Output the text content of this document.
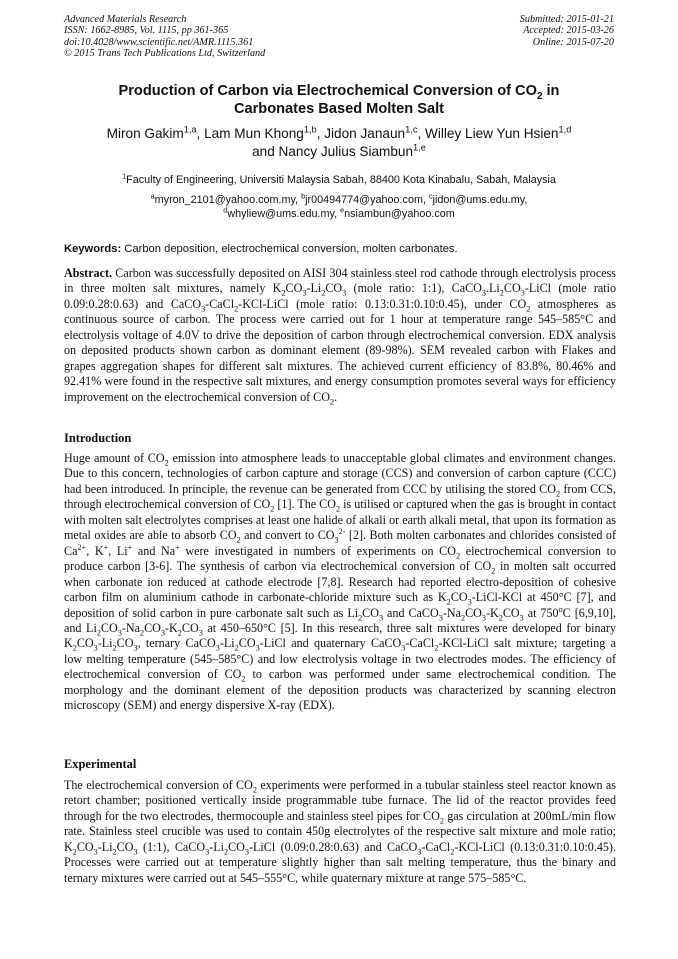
Advanced Materials Research
ISSN: 1662-8985, Vol. 1115, pp 361-365
doi:10.4028/www.scientific.net/AMR.1115.361
© 2015 Trans Tech Publications Ltd, Switzerland
Submitted: 2015-01-21
Accepted: 2015-03-26
Online: 2015-07-20
Production of Carbon via Electrochemical Conversion of $CO_2$ in
Carbonates Based Molten Salt
Miron Gakim$^{1,a}$, Lam Mun Khong$^{1,b}$, Jidon Janaun$^{1,c}$, Willey Liew Yun Hsien$^{1,d}$
and Nancy Julius Siambun$^{1,e}$
$^1$Faculty of Engineering, Universiti Malaysia Sabah, 88400 Kota Kinabalu, Sabah, Malaysia
$^a$myron_2101@yahoo.com.my, $^b$jr00494774@yahoo.com, $^c$jidon@ums.edu.my,
$^d$whyliew@ums.edu.my, $^e$nsiambun@yahoo.com
Keywords: Carbon deposition, electrochemical conversion, molten carbonates.
Abstract. Carbon was successfully deposited on AISI 304 stainless steel rod cathode through electrolysis process in three molten salt mixtures, namely $K_2CO_3-Li_2CO_3$ (mole ratio: 1:1), $CaCO_3.Li_2CO_3$-LiCl (mole ratio 0.09:0.28:0.63) and CaCO$_3$-CaCl$_2$-KCl-LiCl (mole ratio: 0.13:0.31:0.10:0.45), under $CO_2$ atmospheres as continuous source of carbon. The process were carried out for 1 hour at temperature range 545–585°C and electrolysis voltage of 4.0V to drive the deposition of carbon through electrochemical conversion. EDX analysis on deposited products shown carbon as dominant element (89-98%). SEM revealed carbon with Flakes and grapes aggregation shapes for different salt mixtures. The achieved current efficiency of 83.8%, 80.46% and 92.41% were found in the respective salt mixtures, and energy consumption promotes several ways for efficiency improvement on the electrochemical conversion of $CO_2$.
Introduction
Huge amount of $CO_2$ emission into atmosphere leads to unacceptable global climates and environment changes. Due to this concern, technologies of carbon capture and storage (CCS) and conversion of carbon capture (CCC) had been introduced. In principle, the revenue can be generated from CCC by utilising the stored $CO_2$ from CCS, through electrochemical conversion of $CO_2$ [1]. The $CO_2$ is utilised or captured when the gas is brought in contact with molten salt electrolytes comprises at least one halide of alkali or earth alkali metal, that upon its formation as metal oxides are able to absorb $CO_2$ and convert to $CO_3^{2-}$ [2]. Both molten carbonates and chlorides consisted of $Ca^{2+}$, K+, Li+ and Na+ were investigated in numbers of experiments on $CO_2$ electrochemical conversion to produce carbon [3-6]. The synthesis of carbon via electrochemical conversion of $CO_2$ in molten salt occurred when carbonate ion reduced at cathode electrode [7,8]. Research had reported electro-deposition of cohesive carbon film on aluminium cathode in carbonate-chloride mixture such as $K_2CO_3-LiCl$-KCl at 450°C [7], and deposition of solid carbon in pure carbonate salt such as $Li_2CO_3$ and $CaCO_3-Na_2CO_3-K_2CO_3$ at 750$^o$C [6,9,10], and $Li_2CO_3-Na_2CO_3-K_2CO_3$ at 450–650°C [5]. In this research, three salt mixtures were developed for binary $K_2CO_3-Li_2CO_3$, ternary $CaCO_3-Li_2CO_3$-LiCl and quaternary CaCO$_3$-CaCl$_2$-KCl-LiCl salt mixture; targeting a low melting temperature (545–585°C) and low electrolysis voltage in two electrodes modes. The efficiency of electrochemical conversion of $CO_2$ to carbon was performed under same electrochemical condition. The morphology and the dominant element of the deposition products was characterized by scanning electron microscopy (SEM) and energy dispersive X-ray (EDX).
Experimental
The electrochemical conversion of $CO_2$ experiments were performed in a tubular stainless steel reactor known as retort chamber; positioned vertically inside programmable tube furnace. The lid of the reactor provides feed through for the two electrodes, thermocouple and stainless steel pipes for $CO_2$ gas circulation at 200mL/min flow rate. Stainless steel crucible was used to contain 450g electrolytes of the respective salt mixture and mole ratio; $K_2CO_3-Li_2CO_3$ (1:1), $CaCO_3-Li_2CO_3$-LiCl (0.09:0.28:0.63) and CaCO$_3$-CaCl$_2$-KCl-LiCl (0.13:0.31:0.10:0.45). Processes were carried out at temperature slightly higher than salt melting temperature, thus the binary and ternary mixtures were carried out at 545–555°C, while quaternary mixture at range 575–585°C.
